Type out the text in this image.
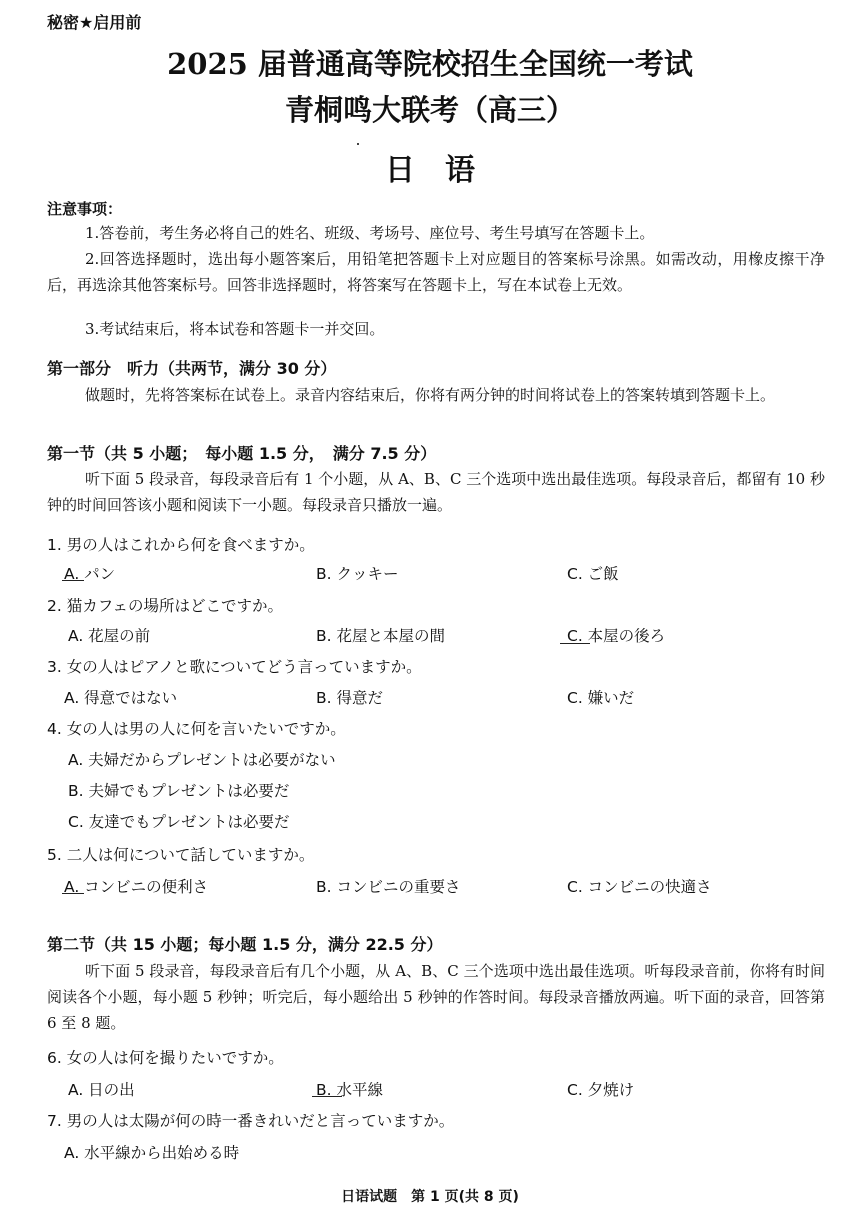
秘密★启用前
2025 届普通高等院校招生全国统一考试
青桐鸣大联考（高三）
日语
注意事项：
1.答卷前，考生务必将自己的姓名、班级、考场号、座位号、考生号填写在答题卡上。
2.回答选择题时，选出每小题答案后，用铅笔把答题卡上对应题目的答案标号涂黑。如需改动，用橡皮擦干净后，再选涂其他答案标号。回答非选择题时，将答案写在答题卡上，写在本试卷上无效。
3.考试结束后，将本试卷和答题卡一并交回。
第一部分　听力（共两节，满分 30 分）
做题时，先将答案标在试卷上。录音内容结束后，你将有两分钟的时间将试卷上的答案转填到答题卡上。
第一节（共 5 小题；　每小题 1.5 分，　满分 7.5 分）
听下面 5 段录音，每段录音后有 1 个小题，从 A、B、C 三个选项中选出最佳选项。每段录音后，都留有 10 秒钟的时间回答该小题和阅读下一小题。每段录音只播放一遍。
1. 男の人はこれから何を食べますか。
A. パン	B. クッキー	C. ご飯
2. 猫カフェの場所はどこですか。
A. 花屋の前	B. 花屋と本屋の間	C. 本屋の後ろ
3. 女の人はピアノと歌についてどう言っていますか。
A. 得意ではない	B. 得意だ	C. 嫌いだ
4. 女の人は男の人に何を言いたいですか。
A. 夫婦だからプレゼントは必要がない
B. 夫婦でもプレゼントは必要だ
C. 友達でもプレゼントは必要だ
5. 二人は何について話していますか。
A. コンビニの便利さ	B. コンビニの重要さ	C. コンビニの快適さ
第二节（共 15 小题；每小题 1.5 分，满分 22.5 分）
听下面 5 段录音，每段录音后有几个小题，从 A、B、C 三个选项中选出最佳选项。听每段录音前，你将有时间阅读各个小题，每小题 5 秒钟；听完后，每小题给出 5 秒钟的作答时间。每段录音播放两遍。听下面的录音，回答第 6 至 8 题。
6. 女の人は何を撮りたいですか。
A. 日の出	B. 水平線	C. 夕焼け
7. 男の人は太陽が何の時一番きれいだと言っていますか。
A. 水平線から出始める時
日语试题　第 1 页(共 8 页)
